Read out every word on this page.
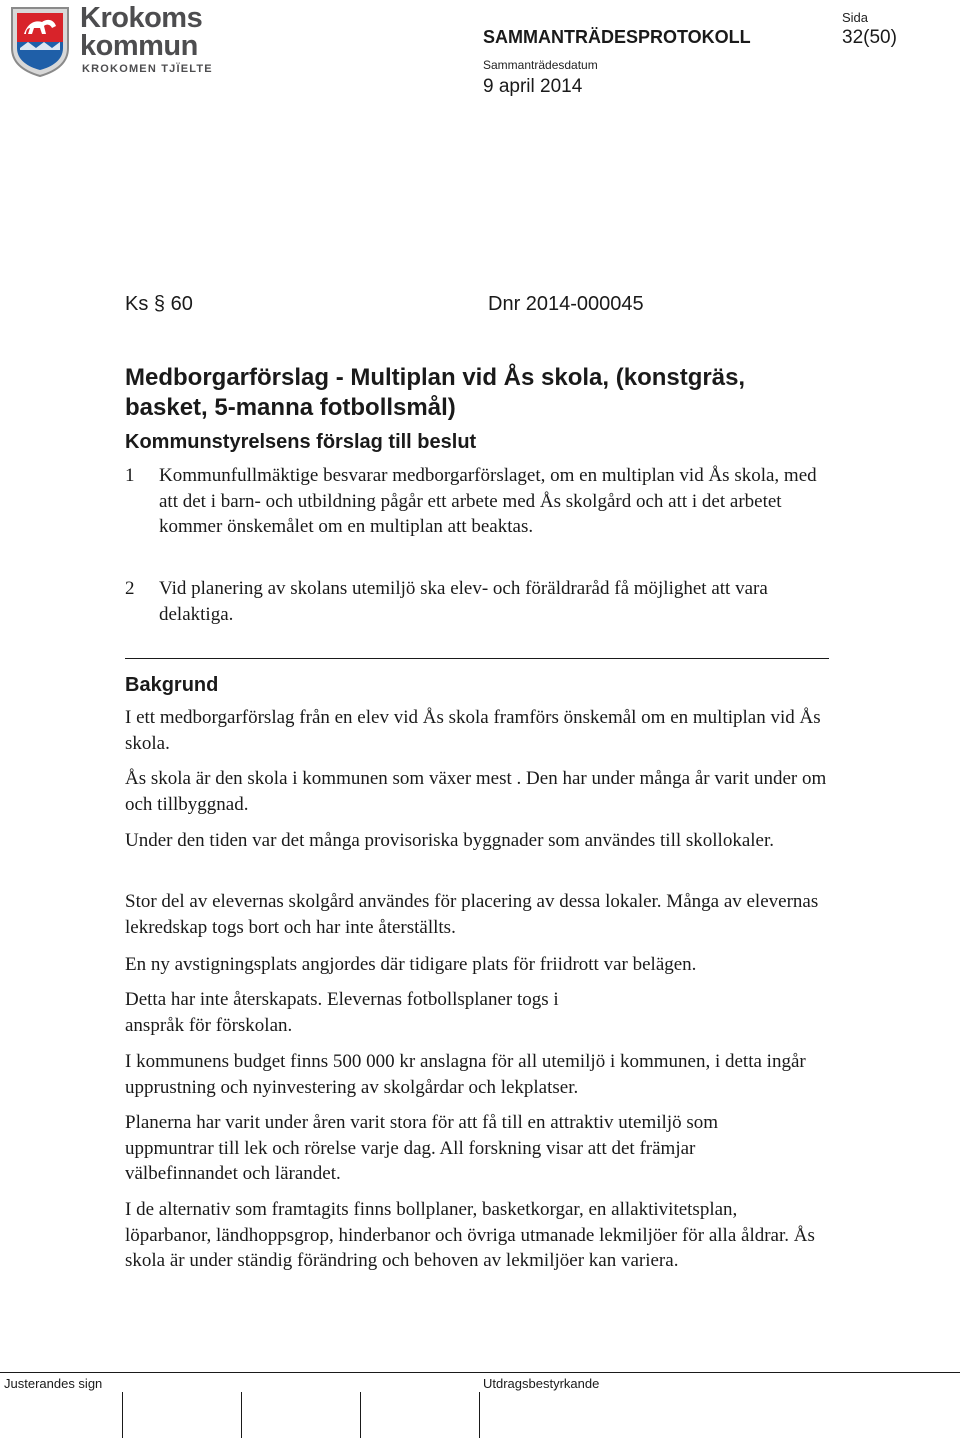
Krokoms
kommun
KROKOMEN TJÏELTE
Sida
SAMMANTRÄDESPROTOKOLL	32(50)
Sammanträdesdatum
9 april 2014
Ks § 60	Dnr 2014-000045
Medborgarförslag - Multiplan vid Ås skola, (konstgräs, basket, 5-manna fotbollsmål)
Kommunstyrelsens förslag till beslut
1 Kommunfullmäktige besvarar medborgarförslaget, om en multiplan vid Ås skola, med att det i barn- och utbildning pågår ett arbete med Ås skolgård och att i det arbetet kommer önskemålet om en multiplan att beaktas.
2 Vid planering av skolans utemiljö ska elev- och föräldraråd få möjlighet att vara delaktiga.
Bakgrund
I ett medborgarförslag från en elev vid Ås skola framförs önskemål om en multiplan vid Ås skola.
Ås skola är den skola i kommunen som växer mest . Den har under många år varit under om och tillbyggnad.
Under den tiden var det många provisoriska byggnader som användes till skollokaler.
Stor del av elevernas skolgård användes för placering av dessa lokaler. Många av elevernas lekredskap togs bort och har inte återställts.
En ny avstigningsplats angjordes där tidigare plats för friidrott var belägen.
Detta har inte återskapats. Elevernas fotbollsplaner togs i anspråk för förskolan.
I kommunens budget finns 500 000 kr anslagna för all utemiljö i kommunen, i detta ingår upprustning och nyinvestering av skolgårdar och lekplatser.
Planerna har varit under åren varit stora för att få till en attraktiv utemiljö som uppmuntrar till lek och rörelse varje dag. All forskning visar att det främjar välbefinnandet och lärandet.
I de alternativ som framtagits finns bollplaner, basketkorgar, en allaktivitetsplan, löparbanor, ländhoppsgrop, hinderbanor och övriga utmanade lekmiljöer för alla åldrar. Ås skola är under ständig förändring och behoven av lekmiljöer kan variera.
Justerandes sign	Utdragsbestyrkande
